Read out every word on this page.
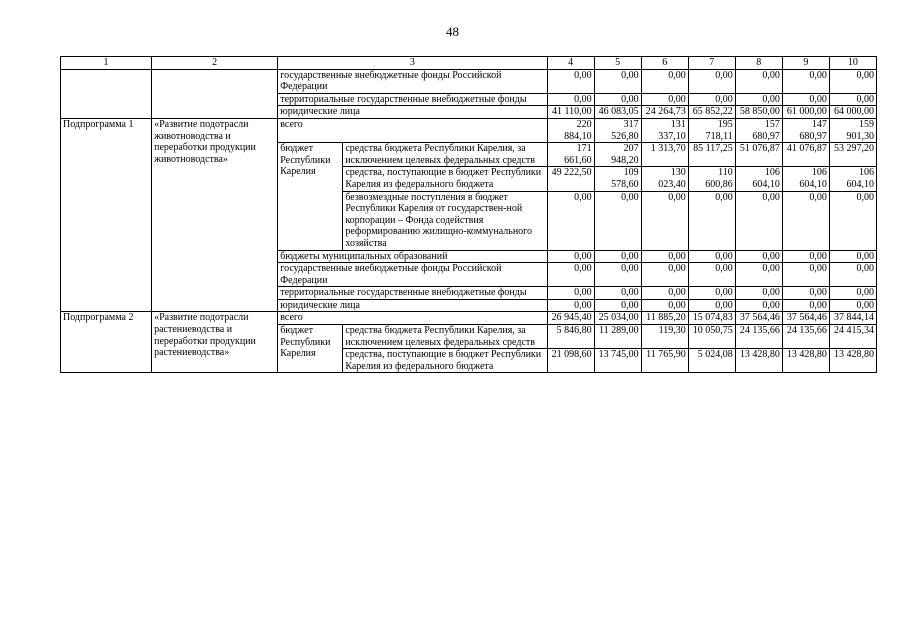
48
1	2	3		4	5	6	7	8	9	10
		государственные внебюджетные фонды Российской Федерации		0,00	0,00	0,00	0,00	0,00	0,00	0,00
		территориальные государственные внебюджетные фонды		0,00	0,00	0,00	0,00	0,00	0,00	0,00
		юридические лица		41 110,00	46 083,05	24 264,73	65 852,22	58 850,00	61 000,00	64 000,00
Подпрограмма 1	«Развитие подотрасли животноводства и переработки продукции животноводства»	всего		220 884,10	317 526,80	131 337,10	195 718,11	157 680,97	147 680,97	159 901,30
		бюджет Республики Карелия	средства бюджета Республики Карелия, за исключением целевых федеральных средств	171 661,60	207 948,20	1 313,70	85 117,25	51 076,87	41 076,87	53 297,20
			средства, поступающие в бюджет Республики Карелия из федерального бюджета	49 222,50	109 578,60	130 023,40	110 600,86	106 604,10	106 604,10	106 604,10
			безвозмездные поступления в бюджет Республики Карелия от государствен-ной корпорации – Фонда содействия реформированию жилищно-коммунального хозяйства	0,00	0,00	0,00	0,00	0,00	0,00	0,00
		бюджеты муниципальных образований		0,00	0,00	0,00	0,00	0,00	0,00	0,00
		государственные внебюджетные фонды Российской Федерации		0,00	0,00	0,00	0,00	0,00	0,00	0,00
		территориальные государственные внебюджетные фонды		0,00	0,00	0,00	0,00	0,00	0,00	0,00
		юридические лица		0,00	0,00	0,00	0,00	0,00	0,00	0,00
Подпрограмма 2	«Развитие подотрасли растениеводства и переработки продукции растениеводства»	всего		26 945,40	25 034,00	11 885,20	15 074,83	37 564,46	37 564,46	37 844,14
		бюджет Республики Карелия	средства бюджета Республики Карелия, за исключением целевых федеральных средств	5 846,80	11 289,00	119,30	10 050,75	24 135,66	24 135,66	24 415,34
			средства, поступающие в бюджет Республики Карелия из федерального бюджета	21 098,60	13 745,00	11 765,90	5 024,08	13 428,80	13 428,80	13 428,80
